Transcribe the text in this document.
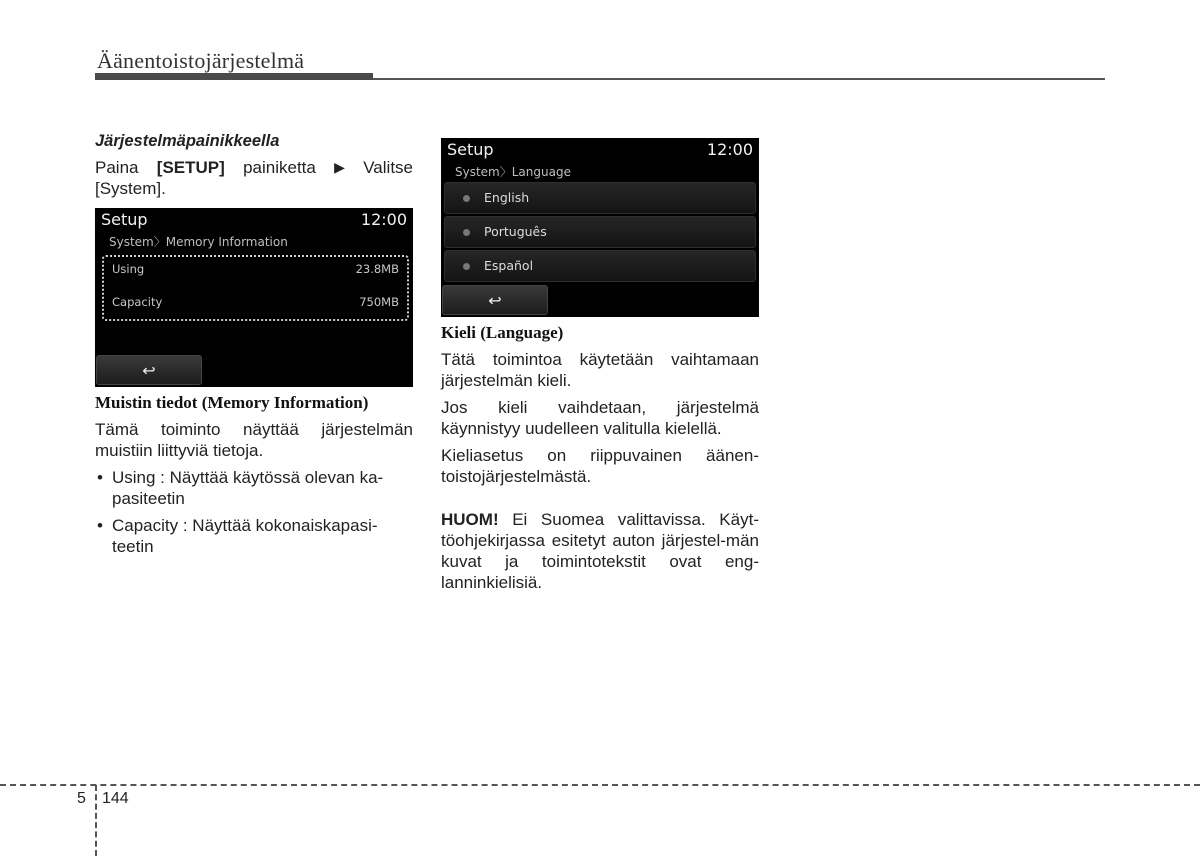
Äänentoistojärjestelmä
Järjestelmäpainikkeella
Paina [SETUP] painiketta ▶ Valitse [System].
Setup	12:00
System〉Memory Information
Using	23.8MB
Capacity	750MB
↩
Muistin tiedot (Memory Information)
Tämä toiminto näyttää järjestelmän muistiin liittyviä tietoja.
• Using : Näyttää käytössä olevan ka-pasiteetin
• Capacity : Näyttää kokonaiskapasi-teetin
Setup	12:00
System〉Language
English
Português
Español
↩
Kieli (Language)
Tätä toimintoa käytetään vaihtamaan järjestelmän kieli.
Jos kieli vaihdetaan, järjestelmä käynnistyy uudelleen valitulla kielellä.
Kieliasetus on riippuvainen äänen-toistojärjestelmästä.
HUOM! Ei Suomea valittavissa. Käyt-töohjekirjassa esitetyt auton järjestel-män kuvat ja toimintotekstit ovat eng-lanninkielisiä.
5 144
